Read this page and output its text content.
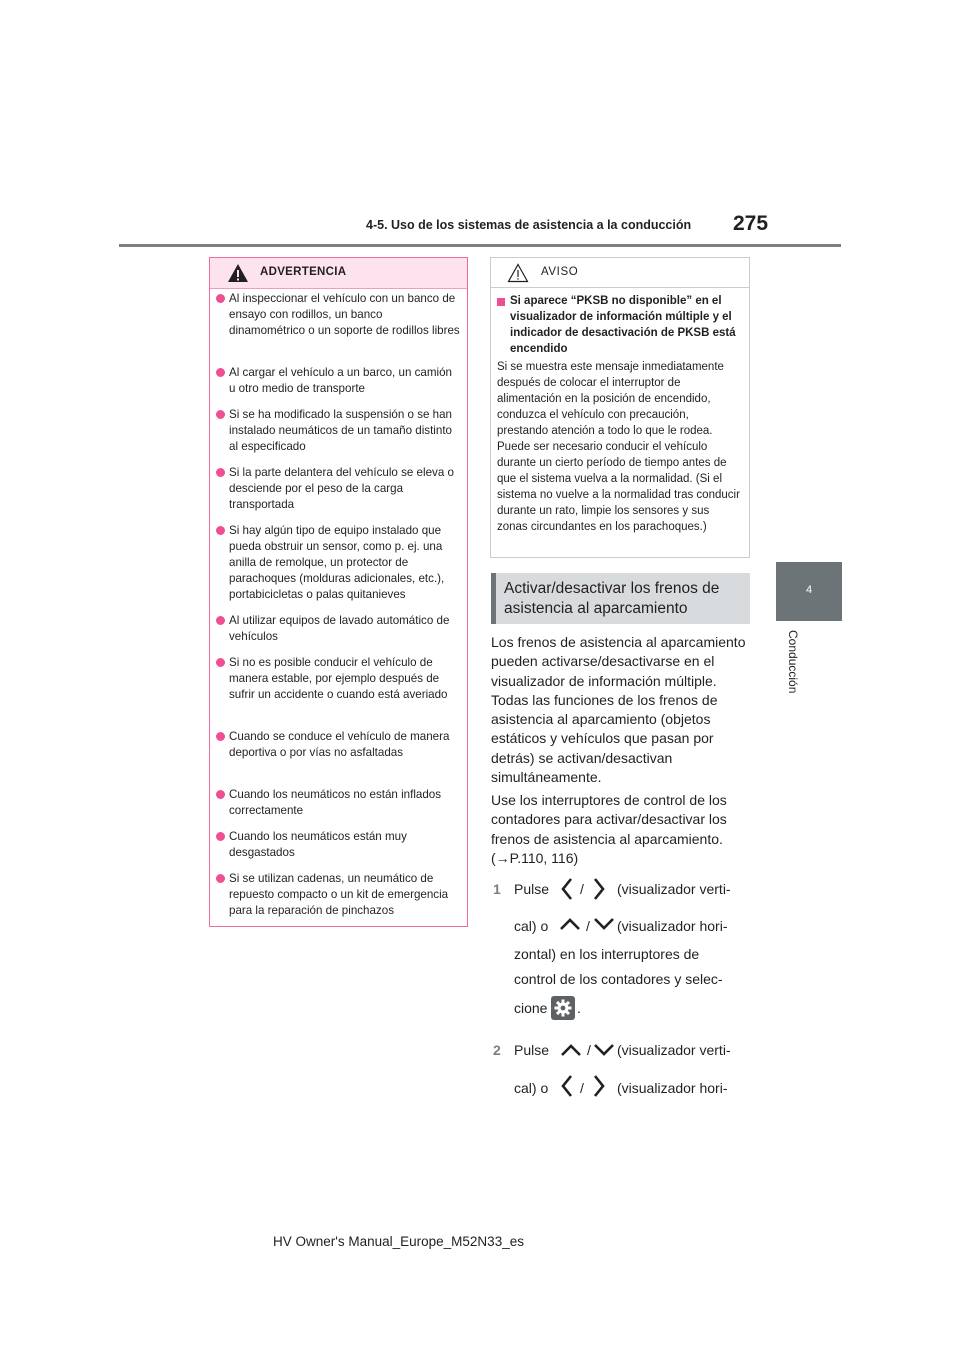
4-5. Uso de los sistemas de asistencia a la conducción 275
4
Conducción
ADVERTENCIA
Al inspeccionar el vehículo con un banco de ensayo con rodillos, un banco dinamométrico o un soporte de rodillos libres
Al cargar el vehículo a un barco, un camión u otro medio de transporte
Si se ha modificado la suspensión o se han instalado neumáticos de un tamaño distinto al especificado
Si la parte delantera del vehículo se eleva o desciende por el peso de la carga transportada
Si hay algún tipo de equipo instalado que pueda obstruir un sensor, como p. ej. una anilla de remolque, un protector de parachoques (molduras adicionales, etc.), portabicicletas o palas quitanieves
Al utilizar equipos de lavado automático de vehículos
Si no es posible conducir el vehículo de manera estable, por ejemplo después de sufrir un accidente o cuando está averiado
Cuando se conduce el vehículo de manera deportiva o por vías no asfaltadas
Cuando los neumáticos no están inflados correctamente
Cuando los neumáticos están muy desgastados
Si se utilizan cadenas, un neumático de repuesto compacto o un kit de emergencia para la reparación de pinchazos
AVISO
Si aparece “PKSB no disponible” en el visualizador de información múltiple y el indicador de desactivación de PKSB está encendido
Si se muestra este mensaje inmediatamente después de colocar el interruptor de alimentación en la posición de encendido, conduzca el vehículo con precaución, prestando atención a todo lo que le rodea. Puede ser necesario conducir el vehículo durante un cierto período de tiempo antes de que el sistema vuelva a la normalidad. (Si el sistema no vuelve a la normalidad tras conducir durante un rato, limpie los sensores y sus zonas circundantes en los parachoques.)
Activar/desactivar los frenos de asistencia al aparcamiento
Los frenos de asistencia al aparcamiento pueden activarse/desactivarse en el visualizador de información múltiple. Todas las funciones de los frenos de asistencia al aparcamiento (objetos estáticos y vehículos que pasan por detrás) se activan/desactivan simultáneamente.
Use los interruptores de control de los contadores para activar/desactivar los frenos de asistencia al aparcamiento.
(→P.110, 116)
1 Pulse / (visualizador verti-
cal) o	/ (visualizador hori-
zontal) en los interruptores de
control de los contadores y selec-
cione .
2 Pulse	/ (visualizador verti-
cal) o / (visualizador hori-
HV Owner's Manual_Europe_M52N33_es
